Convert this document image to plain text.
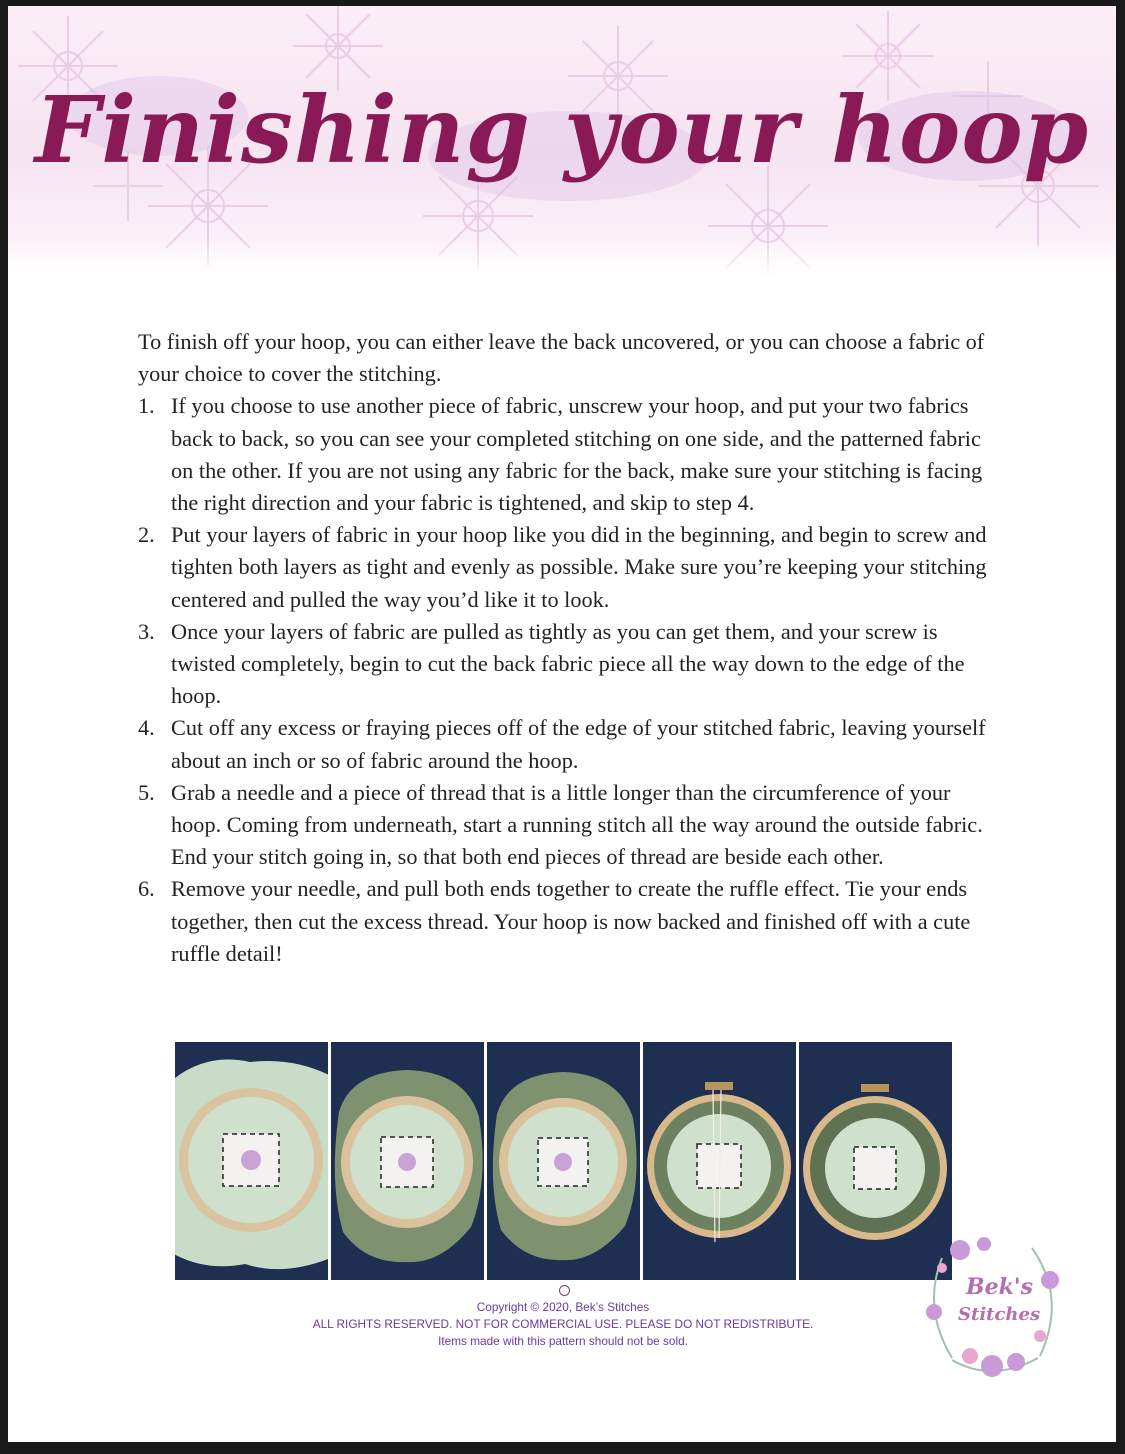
Finishing your hoop

To finish off your hoop, you can either leave the back uncovered, or you can choose a fabric of your choice to cover the stitching.

1. If you choose to use another piece of fabric, unscrew your hoop, and put your two fabrics back to back, so you can see your completed stitching on one side, and the patterned fabric on the other. If you are not using any fabric for the back, make sure your stitching is facing the right direction and your fabric is tightened, and skip to step 4.
2. Put your layers of fabric in your hoop like you did in the beginning, and begin to screw and tighten both layers as tight and evenly as possible. Make sure you’re keeping your stitching centered and pulled the way you’d like it to look.
3. Once your layers of fabric are pulled as tightly as you can get them, and your screw is twisted completely, begin to cut the back fabric piece all the way down to the edge of the hoop.
4. Cut off any excess or fraying pieces off of the edge of your stitched fabric, leaving yourself about an inch or so of fabric around the hoop.
5. Grab a needle and a piece of thread that is a little longer than the circumference of your hoop. Coming from underneath, start a running stitch all the way around the outside fabric. End your stitch going in, so that both end pieces of thread are beside each other.
6. Remove your needle, and pull both ends together to create the ruffle effect. Tie your ends together, then cut the excess thread. Your hoop is now backed and finished off with a cute ruffle detail!
Copyright © 2020, Bek’s Stitches
ALL RIGHTS RESERVED. NOT FOR COMMERCIAL USE. PLEASE DO NOT REDISTRIBUTE.
Items made with this pattern should not be sold.
Bek's
Stitches
